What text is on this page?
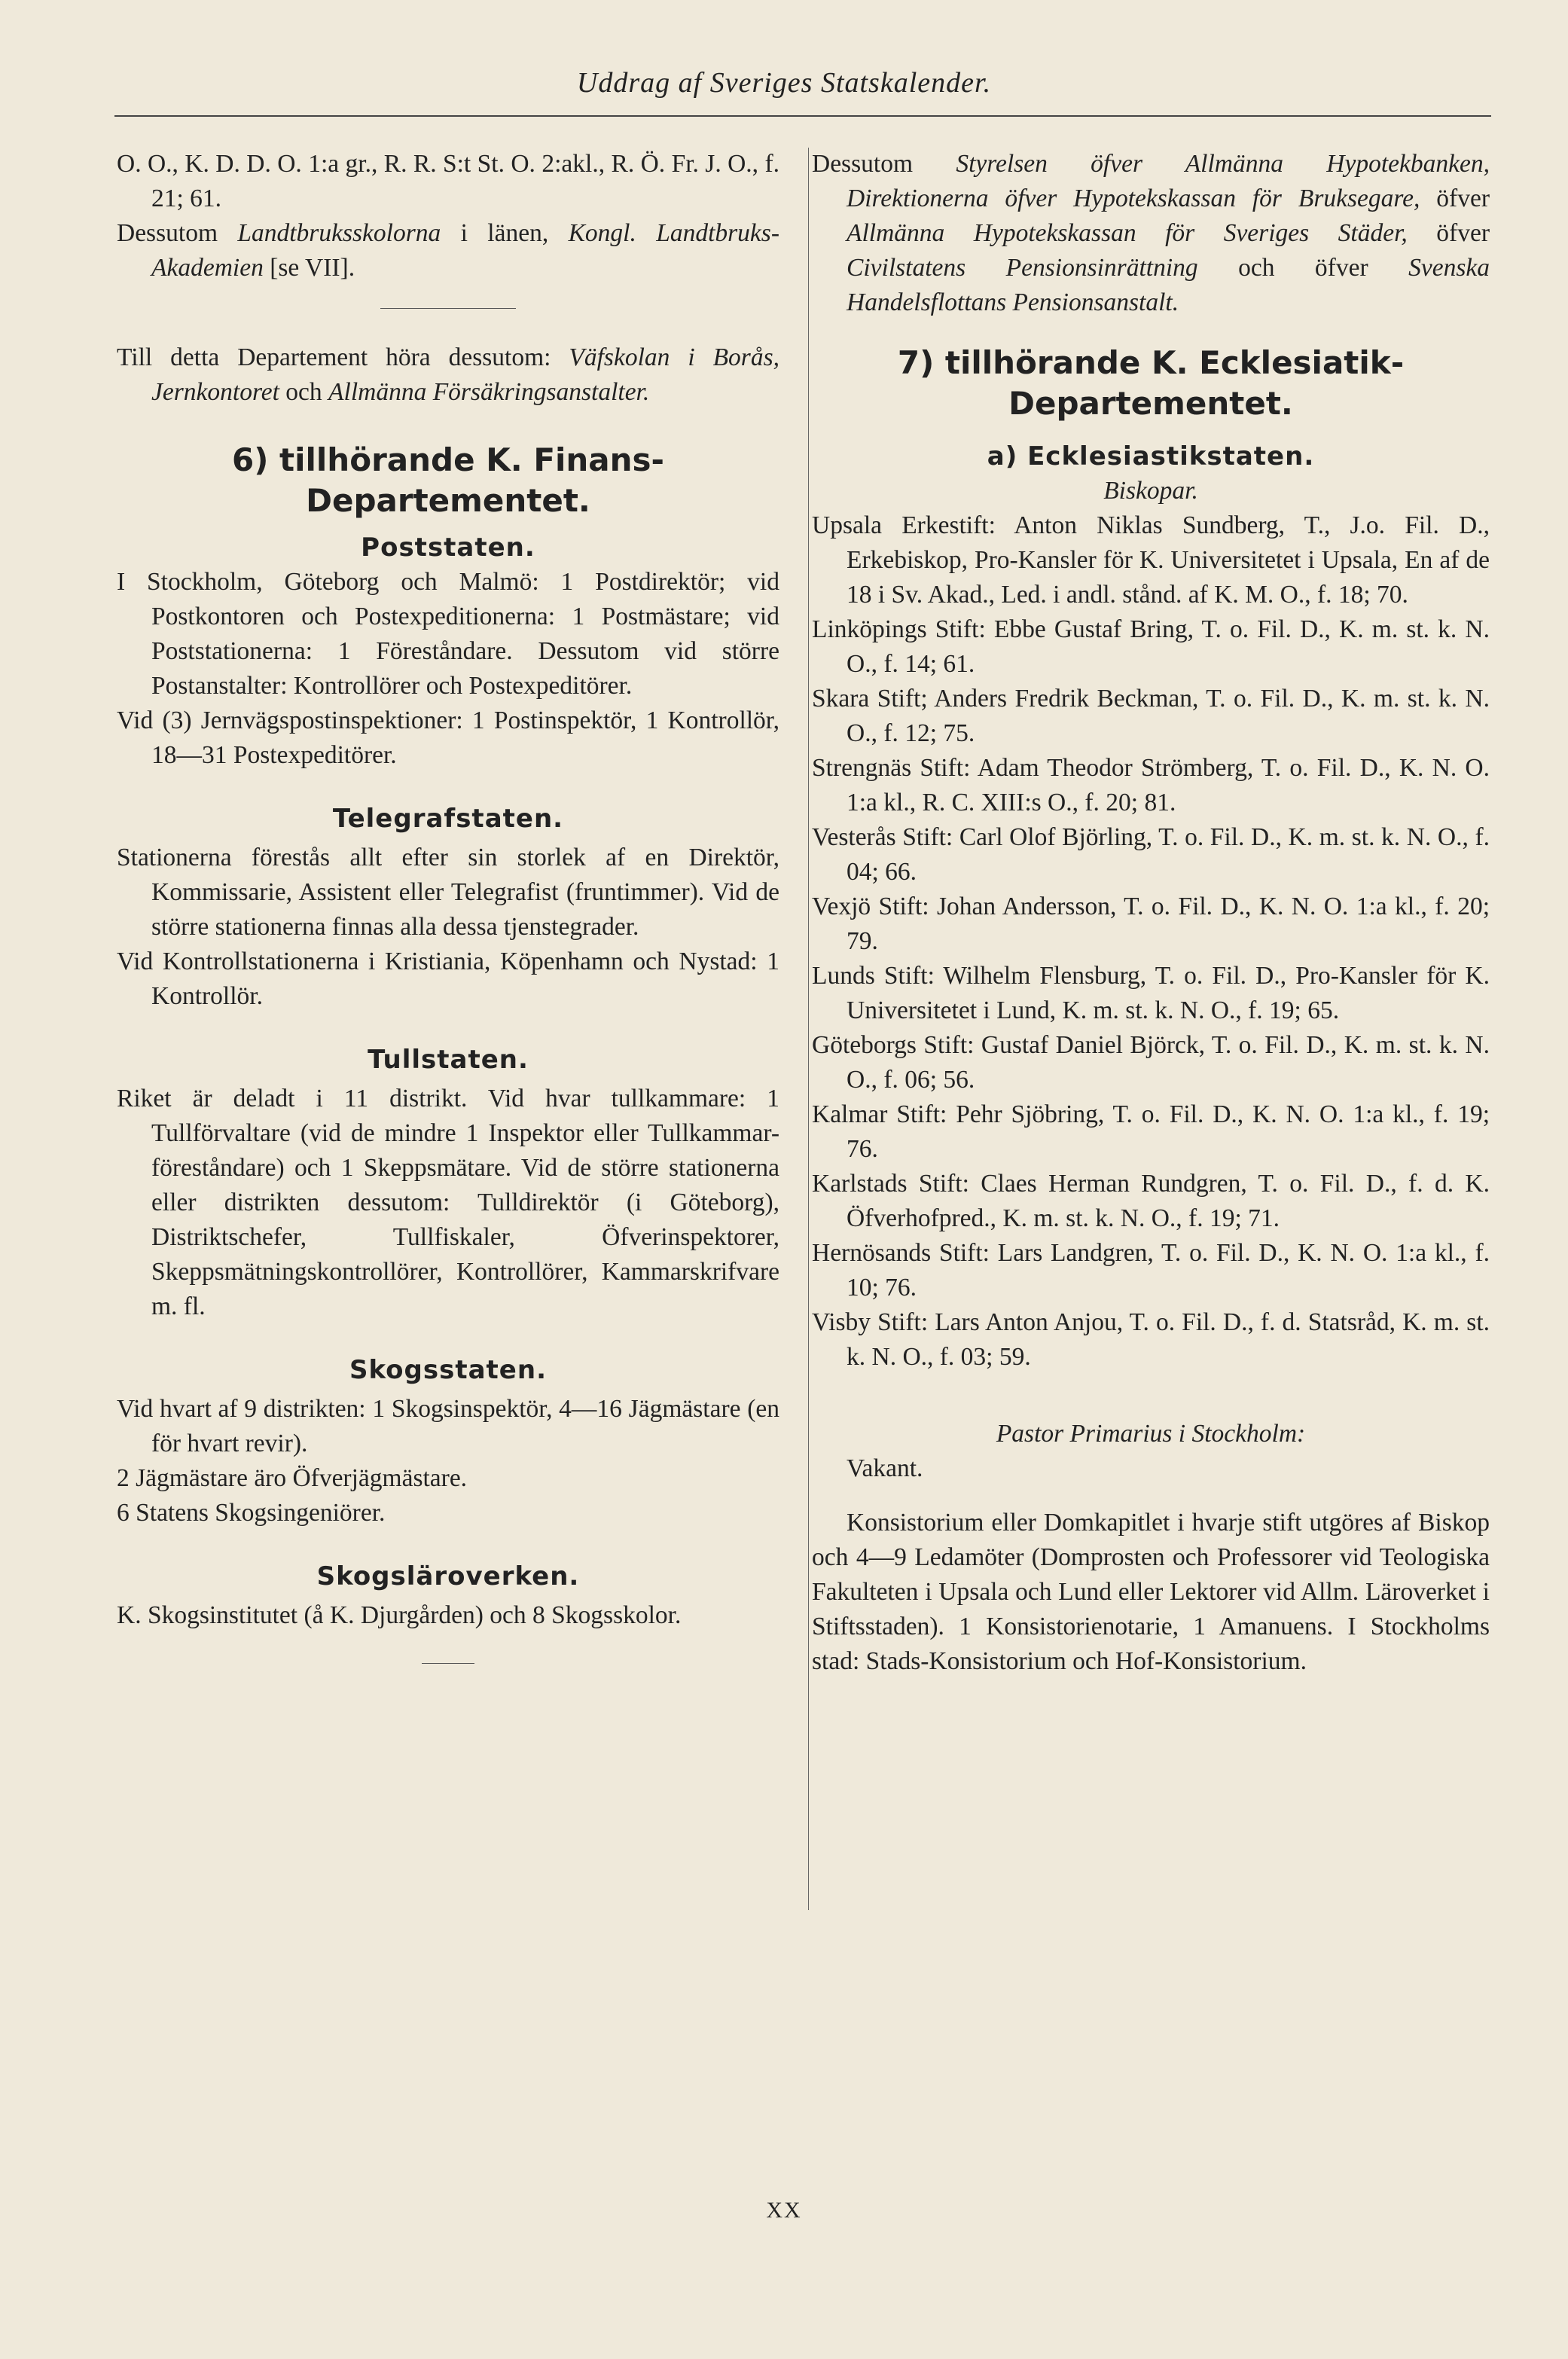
Uddrag af Sveriges Statskalender.

O. O., K. D. D. O. 1:a gr., R. R. S:t St. O. 2:akl., R. Ö. Fr. J. O., f. 21; 61.

Dessutom Landtbruksskolorna i länen, Kongl. Landtbruks-Akademien [se VII].

Till detta Departement höra dessutom: Väfskolan i Borås, Jernkontoret och Allmänna Försäkringsanstalter.

6) tillhörande K. Finans-Departementet.

Poststaten.

I Stockholm, Göteborg och Malmö: 1 Postdirektör; vid Postkontoren och Postexpeditionerna: 1 Postmästare; vid Poststationerna: 1 Föreståndare. Dessutom vid större Postanstalter: Kontrollörer och Postexpeditörer.

Vid (3) Jernvägspostinspektioner: 1 Postinspektör, 1 Kontrollör, 18—31 Postexpeditörer.

Telegrafstaten.

Stationerna förestås allt efter sin storlek af en Direktör, Kommissarie, Assistent eller Telegrafist (fruntimmer). Vid de större stationerna finnas alla dessa tjenstegrader.

Vid Kontrollstationerna i Kristiania, Köpenhamn och Nystad: 1 Kontrollör.

Tullstaten.

Riket är deladt i 11 distrikt. Vid hvar tullkammare: 1 Tullförvaltare (vid de mindre 1 Inspektor eller Tullkammar-föreståndare) och 1 Skeppsmätare. Vid de större stationerna eller distrikten dessutom: Tulldirektör (i Göteborg), Distriktschefer, Tullfiskaler, Öfverinspektorer, Skeppsmätningskontrollörer, Kontrollörer, Kammarskrifvare m. fl.

Skogsstaten.

Vid hvart af 9 distrikten: 1 Skogsinspektör, 4—16 Jägmästare (en för hvart revir).

2 Jägmästare äro Öfverjägmästare.

6 Statens Skogsingeniörer.

Skogsläroverken.

K. Skogsinstitutet (å K. Djurgården) och 8 Skogsskolor.

Dessutom Styrelsen öfver Allmänna Hypotekbanken, Direktionerna öfver Hypotekskassan för Bruksegare, öfver Allmänna Hypotekskassan för Sveriges Städer, öfver Civilstatens Pensionsinrättning och öfver Svenska Handelsflottans Pensionsanstalt.

7) tillhörande K. Ecklesiatik-Departementet.

a) Ecklesiastikstaten.

Biskopar.

Upsala Erkestift: Anton Niklas Sundberg, T., J.o. Fil. D., Erkebiskop, Pro-Kansler för K. Universitetet i Upsala, En af de 18 i Sv. Akad., Led. i andl. stånd. af K. M. O., f. 18; 70.

Linköpings Stift: Ebbe Gustaf Bring, T. o. Fil. D., K. m. st. k. N. O., f. 14; 61.

Skara Stift; Anders Fredrik Beckman, T. o. Fil. D., K. m. st. k. N. O., f. 12; 75.

Strengnäs Stift: Adam Theodor Strömberg, T. o. Fil. D., K. N. O. 1:a kl., R. C. XIII:s O., f. 20; 81.

Vesterås Stift: Carl Olof Björling, T. o. Fil. D., K. m. st. k. N. O., f. 04; 66.

Vexjö Stift: Johan Andersson, T. o. Fil. D., K. N. O. 1:a kl., f. 20; 79.

Lunds Stift: Wilhelm Flensburg, T. o. Fil. D., Pro-Kansler för K. Universitetet i Lund, K. m. st. k. N. O., f. 19; 65.

Göteborgs Stift: Gustaf Daniel Björck, T. o. Fil. D., K. m. st. k. N. O., f. 06; 56.

Kalmar Stift: Pehr Sjöbring, T. o. Fil. D., K. N. O. 1:a kl., f. 19; 76.

Karlstads Stift: Claes Herman Rundgren, T. o. Fil. D., f. d. K. Öfverhofpred., K. m. st. k. N. O., f. 19; 71.

Hernösands Stift: Lars Landgren, T. o. Fil. D., K. N. O. 1:a kl., f. 10; 76.

Visby Stift: Lars Anton Anjou, T. o. Fil. D., f. d. Statsråd, K. m. st. k. N. O., f. 03; 59.

Pastor Primarius i Stockholm:

Vakant.

Konsistorium eller Domkapitlet i hvarje stift utgöres af Biskop och 4—9 Ledamöter (Domprosten och Professorer vid Teologiska Fakulteten i Upsala och Lund eller Lektorer vid Allm. Läroverket i Stiftsstaden). 1 Konsistorienotarie, 1 Amanuens. I Stockholms stad: Stads-Konsistorium och Hof-Konsistorium.

XX
